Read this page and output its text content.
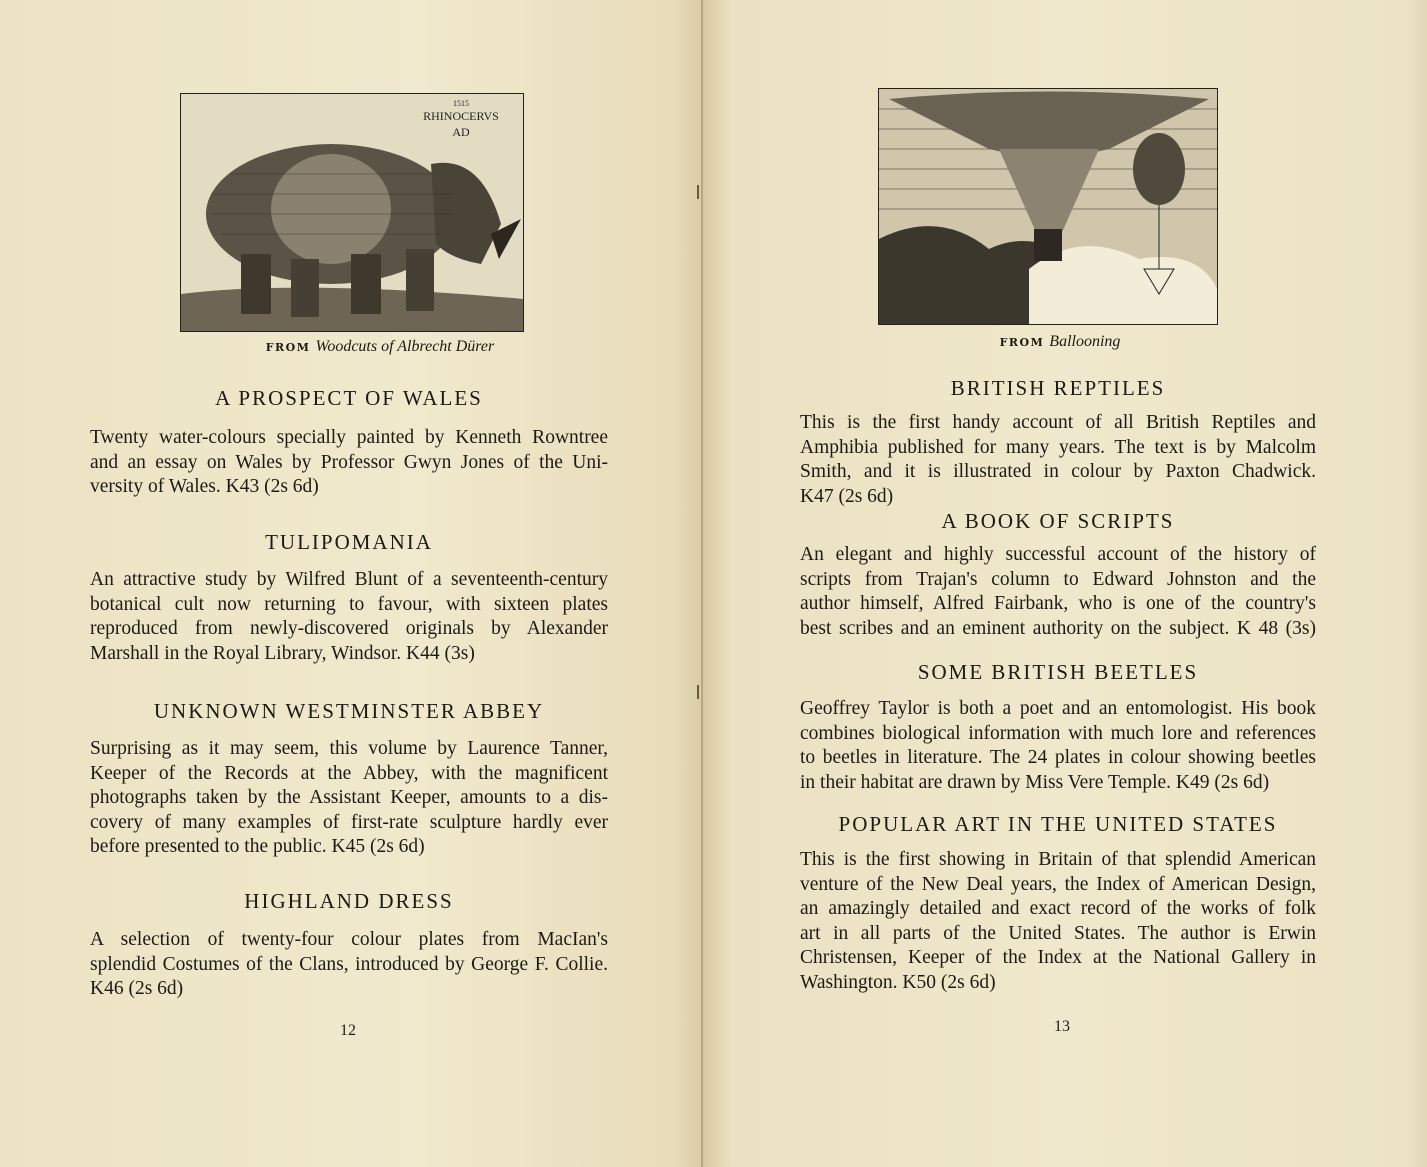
1515
RHINOCERVS
AD
FROM Woodcuts of Albrecht Dürer
A PROSPECT OF WALES
Twenty water-colours specially painted by Kenneth Rowntree
and an essay on Wales by Professor Gwyn Jones of the Uni-
versity of Wales. K43 (2s 6d)
TULIPOMANIA
An attractive study by Wilfred Blunt of a seventeenth-century
botanical cult now returning to favour, with sixteen plates
reproduced from newly-discovered originals by Alexander
Marshall in the Royal Library, Windsor. K44 (3s)
UNKNOWN WESTMINSTER ABBEY
Surprising as it may seem, this volume by Laurence Tanner,
Keeper of the Records at the Abbey, with the magnificent
photographs taken by the Assistant Keeper, amounts to a dis-
covery of many examples of first-rate sculpture hardly ever
before presented to the public. K45 (2s 6d)
HIGHLAND DRESS
A selection of twenty-four colour plates from MacIan's
splendid Costumes of the Clans, introduced by George F. Collie.
K46 (2s 6d)
12
FROM Ballooning
BRITISH REPTILES
This is the first handy account of all British Reptiles and
Amphibia published for many years. The text is by Malcolm
Smith, and it is illustrated in colour by Paxton Chadwick.
K47 (2s 6d)
A BOOK OF SCRIPTS
An elegant and highly successful account of the history of
scripts from Trajan's column to Edward Johnston and the
author himself, Alfred Fairbank, who is one of the country's
best scribes and an eminent authority on the subject. K 48 (3s)
SOME BRITISH BEETLES
Geoffrey Taylor is both a poet and an entomologist. His book
combines biological information with much lore and references
to beetles in literature. The 24 plates in colour showing beetles
in their habitat are drawn by Miss Vere Temple. K49 (2s 6d)
POPULAR ART IN THE UNITED STATES
This is the first showing in Britain of that splendid American
venture of the New Deal years, the Index of American Design,
an amazingly detailed and exact record of the works of folk
art in all parts of the United States. The author is Erwin
Christensen, Keeper of the Index at the National Gallery in
Washington. K50 (2s 6d)
13
